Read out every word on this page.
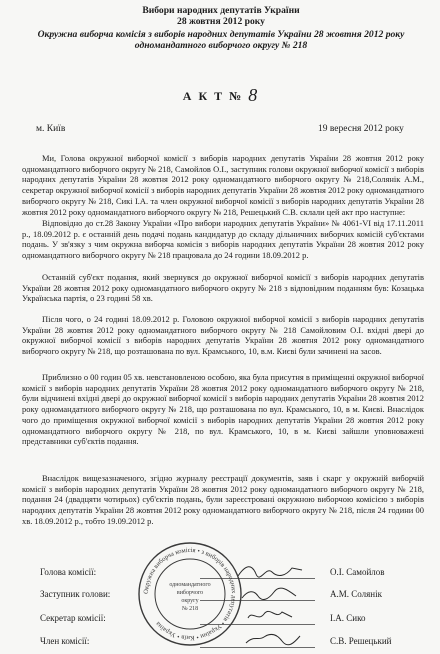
Вибори народних депутатів України
28 жовтня 2012 року
Окружна виборча комісія з виборів народних депутатів України 28 жовтня 2012 року
одномандатного виборчого округу № 218
А К Т № 8
м. Київ	19 вересня 2012 року

Ми, Голова окружної виборчої комісії з виборів народних депутатів України 28 жовтня 2012 року одномандатного виборчого округу № 218, Самойлов О.І., заступник голови окружної виборчої комісії з виборів народних депутатів України 28 жовтня 2012 року одномандатного виборчого округу № 218,Солянік А.М., секретар окружної виборчої комісії з виборів народних депутатів України 28 жовтня 2012 року одномандатного виборчого округу № 218, Сикі І.А. та член окружної виборчої комісії з виборів народних депутатів України 28 жовтня 2012 року одномандатного виборчого округу № 218, Решецький С.В. склали цей акт про наступне:

Відповідно до ст.28 Закону України «Про вибори народних депутатів України» № 4061-VI від 17.11.2011 р., 18.09.2012 р. є останній день подачі подань кандидатур до складу дільничних виборчих комісій суб'єктами подань. У зв'язку з чим окружна виборча комісія з виборів народних депутатів України 28 жовтня 2012 року одномандатного виборчого округу № 218 працювала до 24 години 18.09.2012 р.

Останній суб'єкт подання, який звернувся до окружної виборчої комісії з виборів народних депутатів України 28 жовтня 2012 року одномандатного виборчого округу № 218 з відповідним поданням був: Козацька Українська партія, о 23 годині 58 хв.

Після чого, о 24 годині 18.09.2012 р. Головою окружної виборчої комісії з виборів народних депутатів України 28 жовтня 2012 року одномандатного виборчого округу № 218 Самойловим О.І. вхідні двері до окружної виборчої комісії з виборів народних депутатів України 28 жовтня 2012 року одномандатного виборчого округу № 218, що розташована по вул. Крамського, 10, в.м. Києві були зачинені на засов.

Приблизно о 00 годин 05 хв. невстановленою особою, яка була присутня в приміщенні окружної виборчої комісії з виборів народних депутатів України 28 жовтня 2012 року одномандатного виборчого округу № 218, були відчинені вхідні двері до окружної виборчої комісії з виборів народних депутатів України 28 жовтня 2012 року одномандатного виборчого округу № 218, що розташована по вул. Крамського, 10, в м. Києві. Внаслідок чого до приміщення окружної виборчої комісії з виборів народних депутатів України 28 жовтня 2012 року одномандатного виборчого округу № 218, по вул. Крамського, 10, в м. Києві зайшли уповноважені представники суб'єктів подання.

Внаслідок вищезазначеного, згідно журналу реєстрації документів, заяв і скарг у окружній виборчій комісії з виборів народних депутатів України 28 жовтня 2012 року одномандатного виборчого округу № 218, подання 24 (двадцяти чотирьох) суб'єктів подань, були зареєстровані окружною виборчою комісією з виборів народних депутатів України 28 жовтня 2012 року одномандатного виборчого округу № 218, після 24 години 00 хв. 18.09.2012 р., тобто 19.09.2012 р.

Голова комісії:	О.І. Самойлов
Заступник голови:	А.М. Солянік
Секретар комісії:	І.А. Сико
Член комісії:	С.В. Решецький
Окружна виборча комісія • з виборів народних депутатів • України • Київ • Україна
одномандатного
виборчого
округу
№ 218
